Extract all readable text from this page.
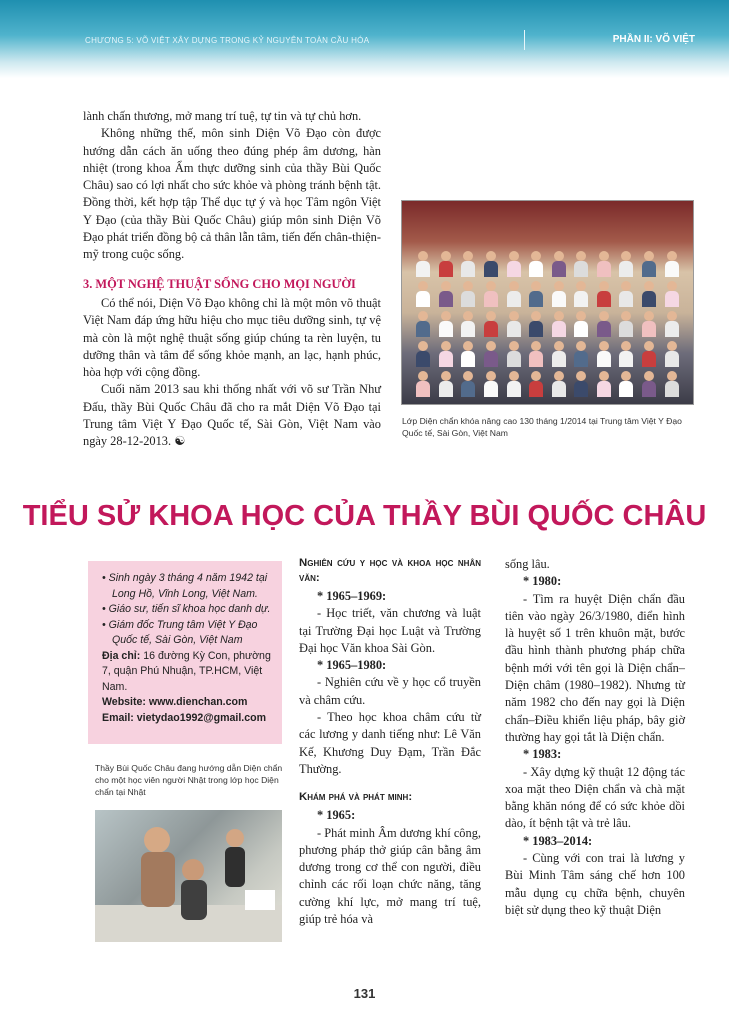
CHƯƠNG 5: VÕ VIỆT XÂY DỰNG TRONG KỶ NGUYÊN TOÀN CẦU HÓA	PHẦN II: VÕ VIỆT

lành chấn thương, mở mang trí tuệ, tự tin và tự chủ hơn.

Không những thế, môn sinh Diện Võ Đạo còn được hướng dẫn cách ăn uống theo đúng phép âm dương, hàn nhiệt (trong khoa Ẩm thực dưỡng sinh của thầy Bùi Quốc Châu) sao có lợi nhất cho sức khỏe và phòng tránh bệnh tật. Đồng thời, kết hợp tập Thể dục tự ý và học Tâm ngôn Việt Y Đạo (của thầy Bùi Quốc Châu) giúp môn sinh Diện Võ Đạo phát triển đồng bộ cả thân lẫn tâm, tiến đến chân-thiện-mỹ trong cuộc sống.

3. MỘT NGHỆ THUẬT SỐNG CHO MỌI NGƯỜI

Có thể nói, Diện Võ Đạo không chỉ là một môn võ thuật Việt Nam đáp ứng hữu hiệu cho mục tiêu dưỡng sinh, tự vệ mà còn là một nghệ thuật sống giúp chúng ta rèn luyện, tu dưỡng thân và tâm để sống khỏe mạnh, an lạc, hạnh phúc, hòa hợp với cộng đồng.

Cuối năm 2013 sau khi thống nhất với võ sư Trần Như Đấu, thầy Bùi Quốc Châu đã cho ra mắt Diện Võ Đạo tại Trung tâm Việt Y Đạo Quốc tế, Sài Gòn, Việt Nam vào ngày 28-12-2013. ☯

Lớp Diện chẩn khóa nâng cao 130 tháng 1/2014 tại Trung tâm Việt Y Đạo Quốc tế, Sài Gòn, Việt Nam
TIỂU SỬ KHOA HỌC CỦA THẦY BÙI QUỐC CHÂU
• Sinh ngày 3 tháng 4 năm 1942 tại Long Hồ, Vĩnh Long, Việt Nam.
• Giáo sư, tiến sĩ khoa học danh dự.
• Giám đốc Trung tâm Việt Y Đạo Quốc tế, Sài Gòn, Việt Nam
Địa chỉ: 16 đường Kỳ Con, phường 7, quận Phú Nhuận, TP.HCM, Việt Nam.
Website: www.dienchan.com
Email: vietydao1992@gmail.com
Thầy Bùi Quốc Châu đang hướng dẫn Diện chẩn cho một học viên người Nhật trong lớp học Diện chẩn tại Nhật
Nghiên cứu y học và khoa học nhân văn:
* 1965–1969:

- Học triết, văn chương và luật tại Trường Đại học Luật và Trường Đại học Văn khoa Sài Gòn.

* 1965–1980:

- Nghiên cứu về y học cổ truyền và châm cứu.

- Theo học khoa châm cứu từ các lương y danh tiếng như: Lê Văn Kế, Khương Duy Đạm, Trần Đắc Thường.

Khám phá và phát minh:
* 1965:

- Phát minh Âm dương khí công, phương pháp thở giúp cân bằng âm dương trong cơ thể con người, điều chỉnh các rối loạn chức năng, tăng cường khí lực, mở mang trí tuệ, giúp trẻ hóa và

sống lâu.

* 1980:

- Tìm ra huyệt Diện chẩn đầu tiên vào ngày 26/3/1980, điển hình là huyệt số 1 trên khuôn mặt, bước đầu hình thành phương pháp chữa bệnh mới với tên gọi là Diện chẩn–Diện châm (1980–1982). Nhưng từ năm 1982 cho đến nay gọi là Diện chẩn–Điều khiển liệu pháp, bây giờ thường hay gọi tắt là Diện chẩn.

* 1983:

- Xây dựng kỹ thuật 12 động tác xoa mặt theo Diện chẩn và chà mặt bằng khăn nóng để có sức khỏe dồi dào, ít bệnh tật và trẻ lâu.

* 1983–2014:

- Cùng với con trai là lương y Bùi Minh Tâm sáng chế hơn 100 mẫu dụng cụ chữa bệnh, chuyên biệt sử dụng theo kỹ thuật Diện

131
